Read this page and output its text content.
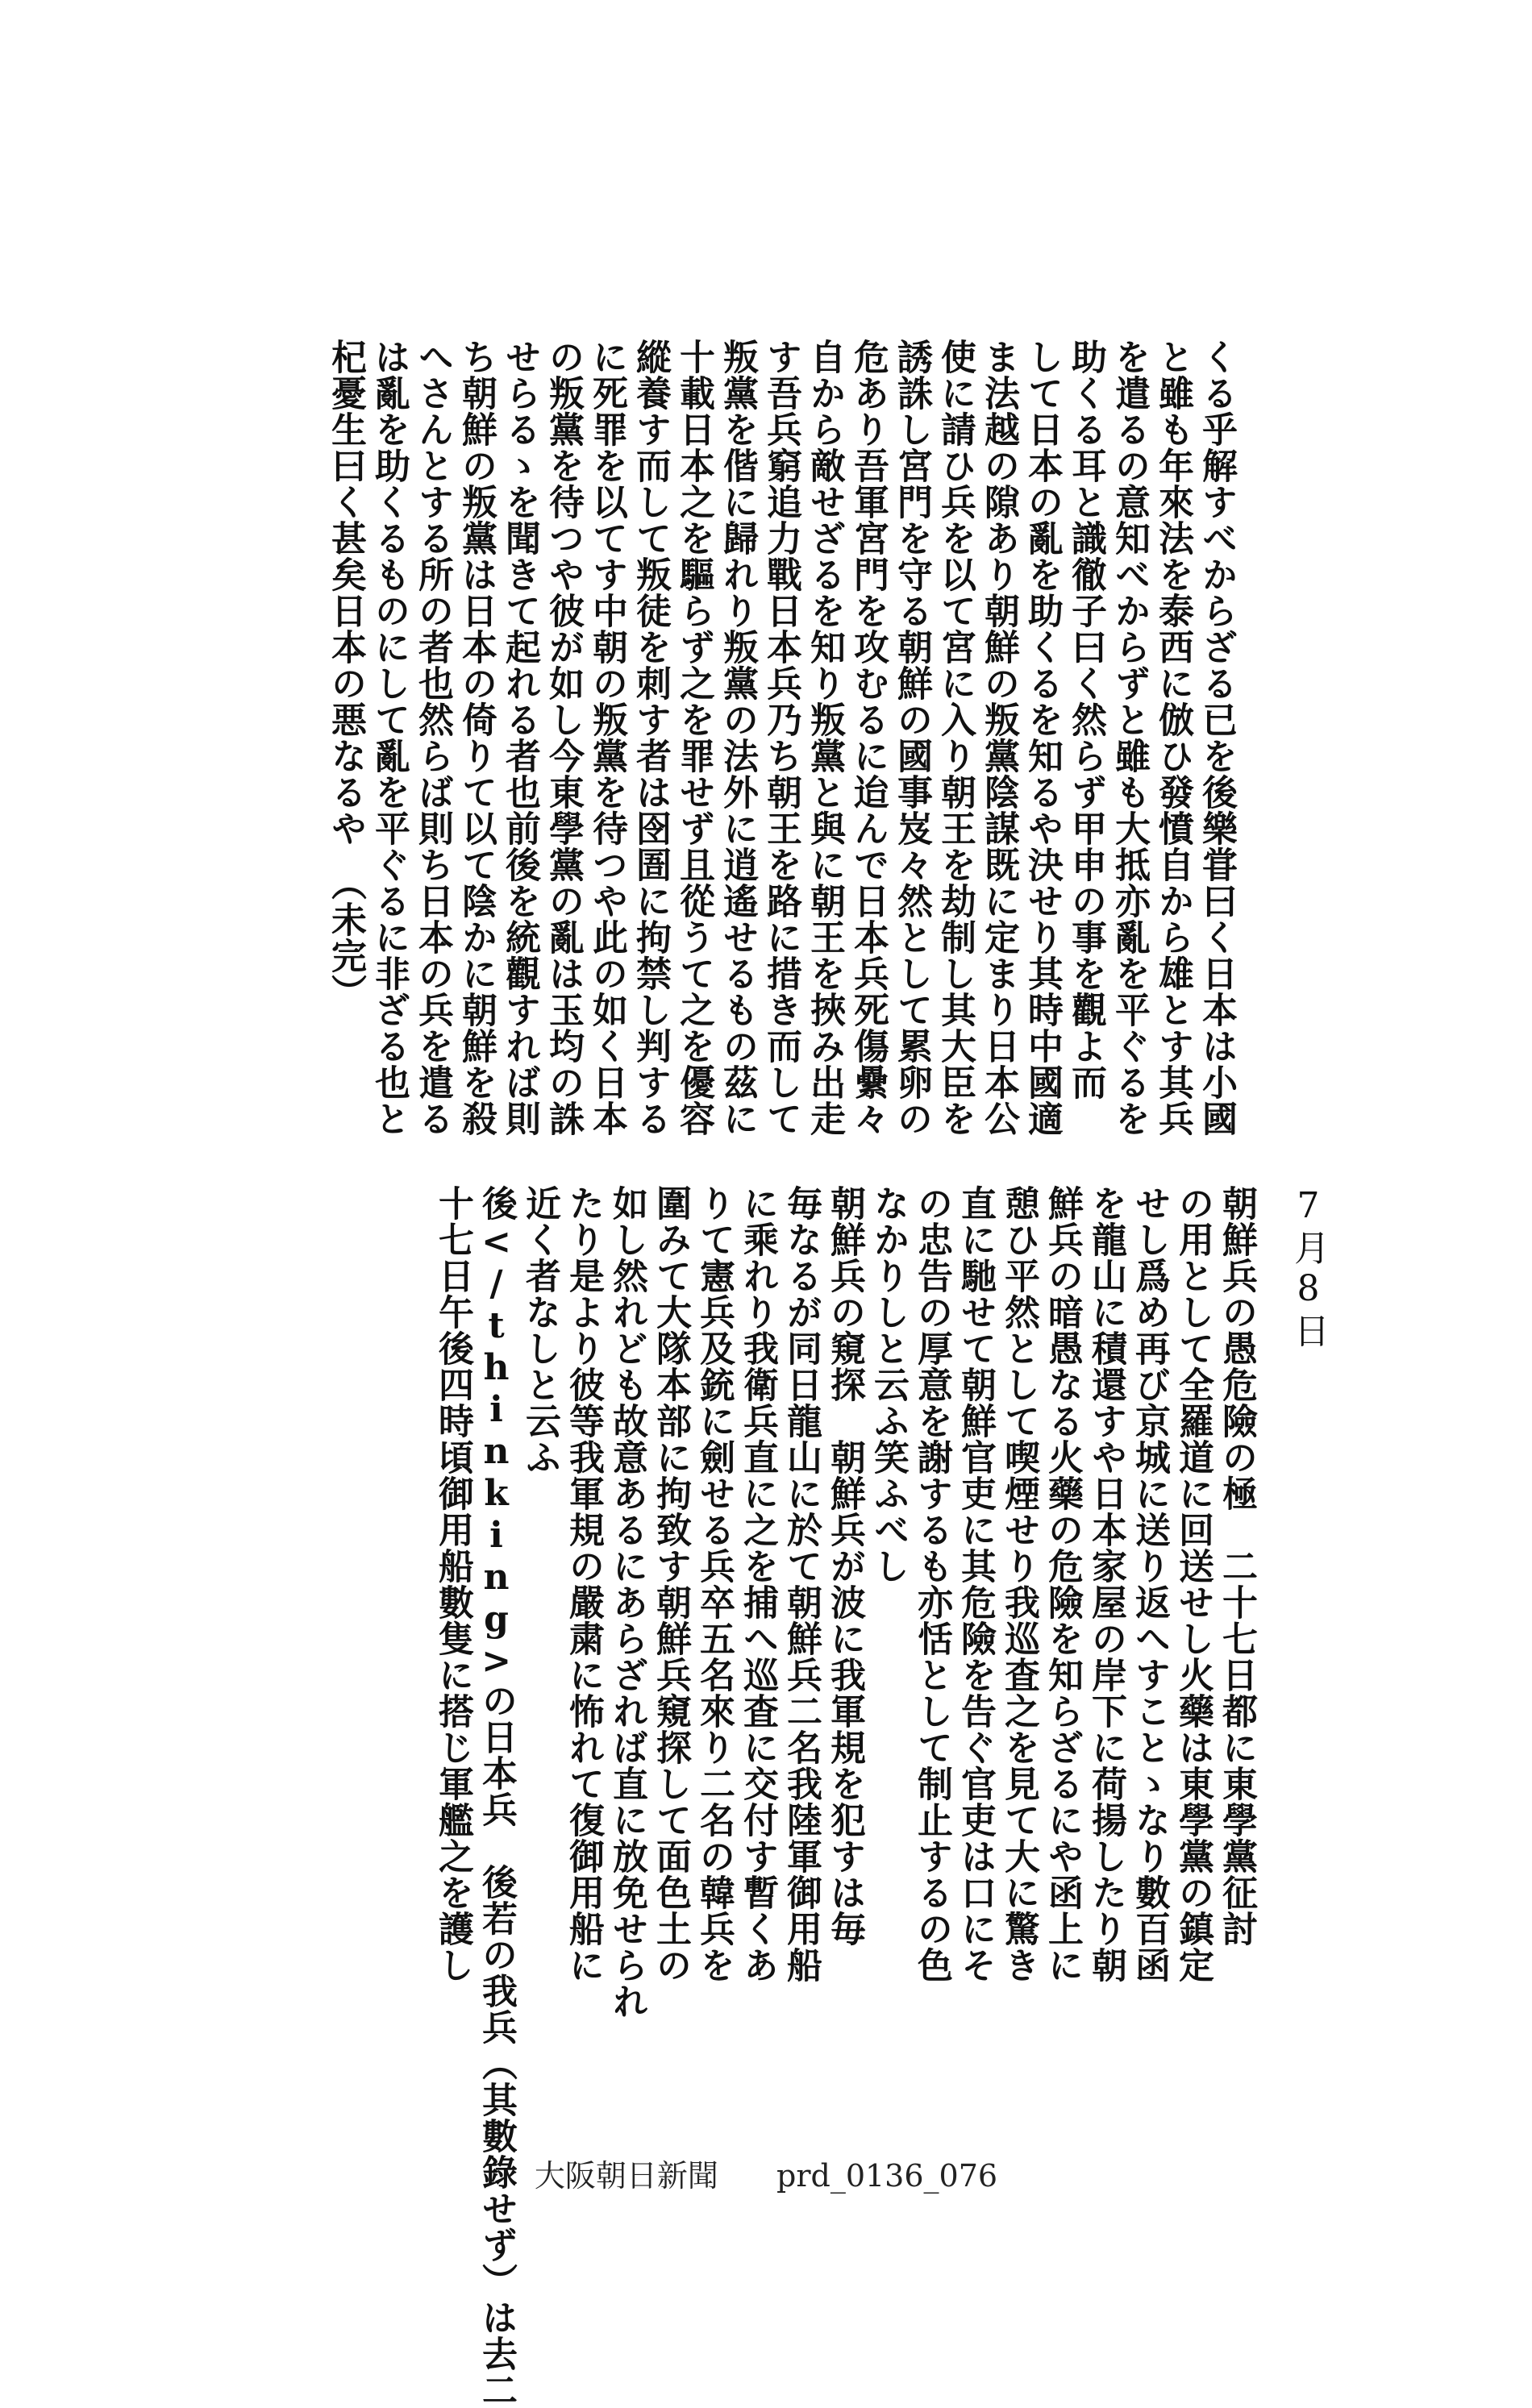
くる乎解すべからざる已を後樂甞曰く日本は小國

と雖も年來法を泰西に倣ひ發憤自から雄とす其兵

を遣るの意知べからずと雖も大抵亦亂を平ぐるを

助くる耳と識徹子曰く然らず甲申の事を觀よ而

して日本の亂を助くるを知るや決せり其時中國適

ま法越の隙あり朝鮮の叛黨陰謀既に定まり日本公

使に請ひ兵を以て宮に入り朝王を劫制し其大臣を

誘誅し宮門を守る朝鮮の國事岌々然として累卵の

危あり吾軍宮門を攻むるに迨んで日本兵死傷纍々

自から敵せざるを知り叛黨と與に朝王を挾み出走

す吾兵窮追力戰日本兵乃ち朝王を路に措き而して

叛黨を偕に歸れり叛黨の法外に逍遙せるもの茲に

十載日本之を驅らず之を罪せず且從うて之を優容

縱養す而して叛徒を刺す者は囹圄に拘禁し判する

に死罪を以てす中朝の叛黨を待つや此の如く日本

の叛黨を待つや彼が如し今東學黨の亂は玉均の誅

せらるゝを聞きて起れる者也前後を統觀すれば則

ち朝鮮の叛黨は日本の倚りて以て陰かに朝鮮を殺

へさんとする所の者也然らば則ち日本の兵を遣る

は亂を助くるものにして亂を平ぐるに非ざる也と

杞憂生曰く甚矣日本の悪なるや　（未完）

7月8日

朝鮮兵の愚危險の極　二十七日都に東學黨征討

の用として全羅道に回送せし火藥は東學黨の鎮定

せし爲め再び京城に送り返へすことゝなり數百函

を龍山に積還すや日本家屋の岸下に荷揚したり朝

鮮兵の暗愚なる火藥の危險を知らざるにや函上に

憩ひ平然として喫煙せり我巡査之を見て大に驚き

直に馳せて朝鮮官吏に其危險を告ぐ官吏は口にそ

の忠告の厚意を謝するも亦恬として制止するの色

なかりしと云ふ笑ふべし

朝鮮兵の窺探　朝鮮兵が波に我軍規を犯すは毎

毎なるが同日龍山に於て朝鮮兵二名我陸軍御用船

に乘れり我衛兵直に之を捕へ巡査に交付す暫くあ

りて憲兵及銃に劍せる兵卒五名來り二名の韓兵を

圍みて大隊本部に拘致す朝鮮兵窺探して面色土の

如し然れども故意あるにあらざれば直に放免せられ

たり是より彼等我軍規の嚴粛に怖れて復御用船に

近く者なしと云ふ

後</thinking>の日本兵　後若の我兵（其數錄せず）は去二

十七日午後四時頃御用船數隻に搭じ軍艦之を護し

大阪朝日新聞 prd_0136_076
